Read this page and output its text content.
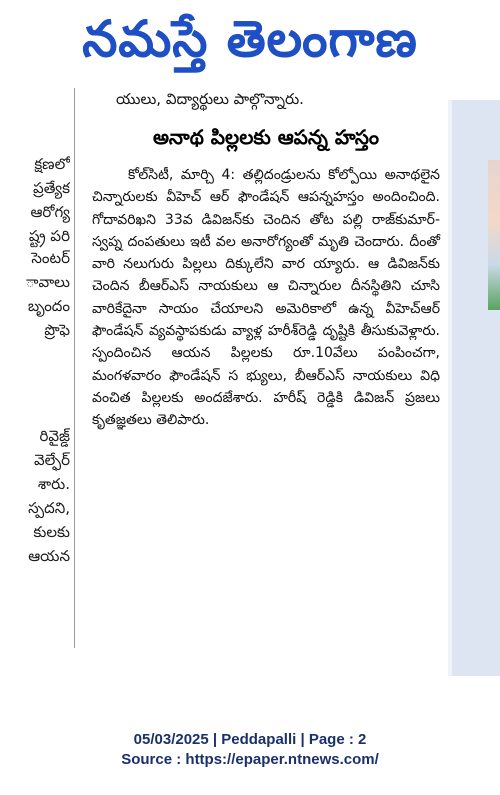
నమస్తే తెలంగాణ
క్షణలో
ప్రత్యేక
ఆరోగ్య
ష్ట్ర పరి
సెంటర్
ావాలు
బృందం
ప్రొఫె
రివైజ్డ్
వెల్ఫేర్
శారు.
స్పదని,
కులకు
ఆయన
యులు, విద్యార్థులు పాల్గొన్నారు.
అనాథ పిల్లలకు ఆపన్న హస్తం

కోల్‌సిటీ, మార్చి 4: తల్లిదండ్రులను కోల్పోయి అనాథలైన చిన్నారులకు వీహెచ్ ఆర్ ఫౌండేషన్ ఆపన్నహస్తం అందించింది. గోదావరిఖని 33వ డివిజన్‌కు చెందిన తోట పల్లి రాజ్‌కుమార్‌-స్వప్న దంపతులు ఇటీ వల అనారోగ్యంతో మృతి చెందారు. దీంతో వారి నలుగురు పిల్లలు దిక్కులేని వార య్యారు. ఆ డివిజన్‌కు చెందిన బీఆర్‌ఎస్‌ నాయకులు ఆ చిన్నారుల దీనస్థితిని చూసి వారికేదైనా సాయం చేయాలని అమెరికాలో ఉన్న వీహెచ్ఆర్ ఫౌండేషన్ వ్యవస్థాపకుడు వ్యాళ్ల హరీశ్‌రెడ్డి దృష్టికి తీసుకువెళ్లారు. స్పందించిన ఆయన పిల్లలకు రూ.10వేలు పంపించగా, మంగళవారం ఫౌండేషన్ స భ్యులు, బీఆర్‌ఎస్ నాయకులు విధి వంచిత పిల్లలకు అందజేశారు. హరీష్ రెడ్డికి డివిజన్ ప్రజలు కృతజ్ఞతలు తెలిపారు.

05/03/2025 | Peddapalli | Page : 2
Source : https://epaper.ntnews.com/
